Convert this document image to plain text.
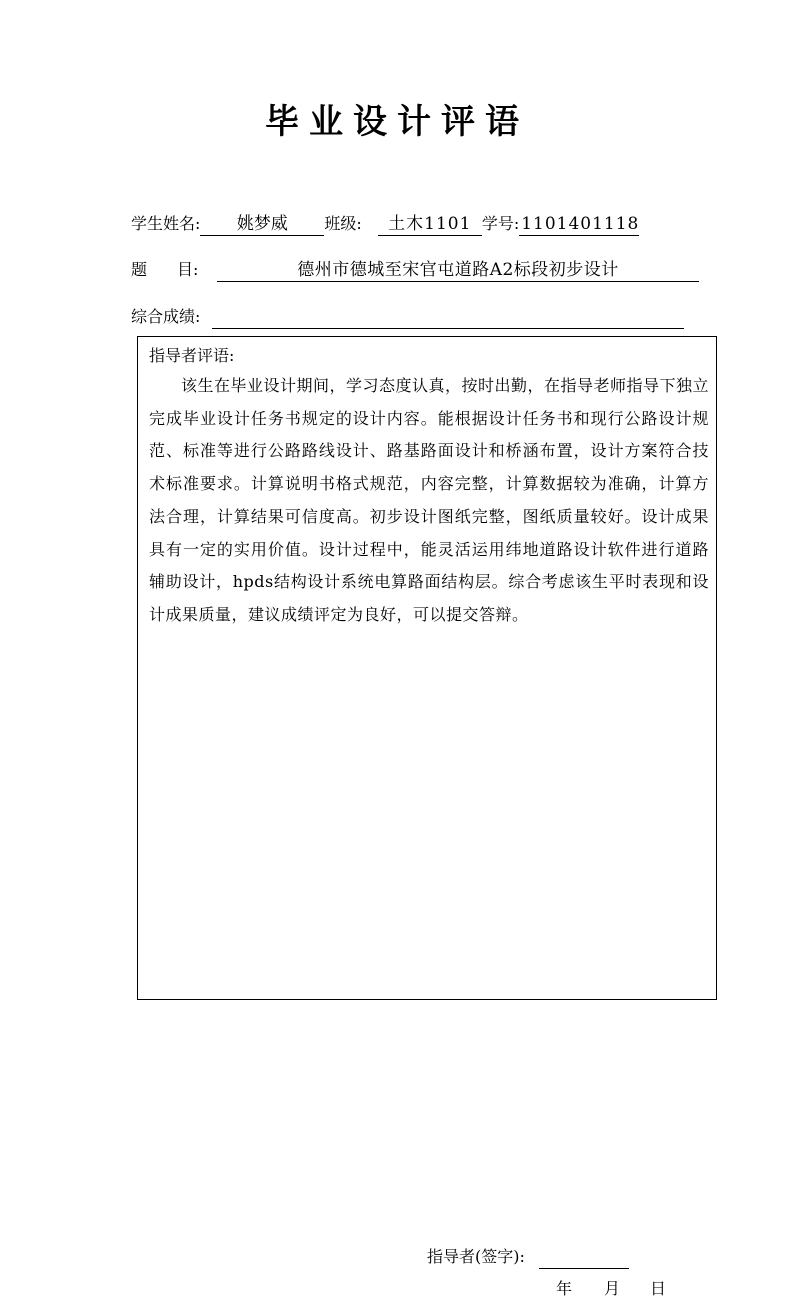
毕业设计评语
学生姓名: 姚梦威 班级: 土木1101 学号: 1101401118
题 目:	德州市德城至宋官屯道路A2标段初步设计
综合成绩:
指导者评语:

该生在毕业设计期间，学习态度认真，按时出勤，在指导老师指导下独立完成毕业设计任务书规定的设计内容。能根据设计任务书和现行公路设计规范、标准等进行公路路线设计、路基路面设计和桥涵布置，设计方案符合技术标准要求。计算说明书格式规范，内容完整，计算数据较为准确，计算方法合理，计算结果可信度高。初步设计图纸完整，图纸质量较好。设计成果具有一定的实用价值。设计过程中，能灵活运用纬地道路设计软件进行道路辅助设计，hpds结构设计系统电算路面结构层。综合考虑该生平时表现和设计成果质量，建议成绩评定为良好，可以提交答辩。

指导者(签字):
年 月 日
